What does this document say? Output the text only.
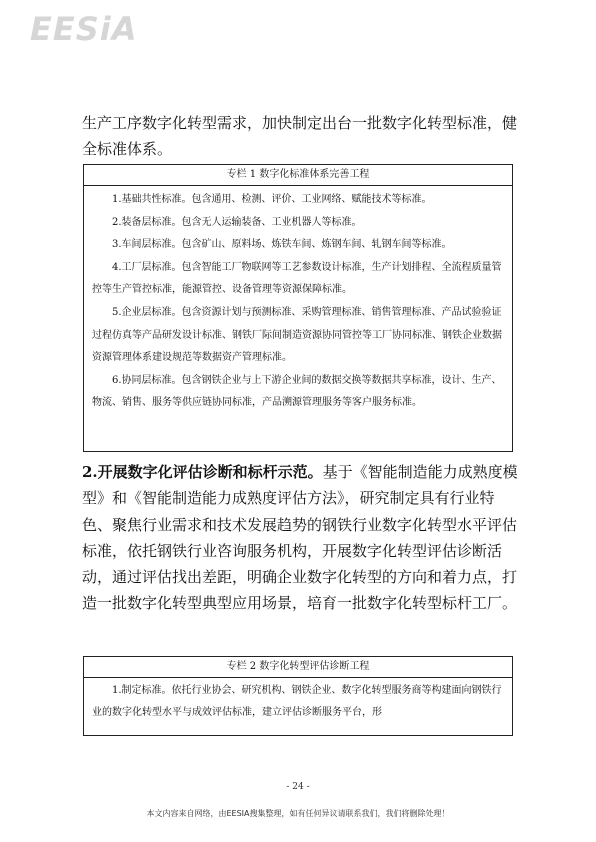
EESiA

生产工序数字化转型需求，加快制定出台一批数字化转型标准，健全标准体系。

专栏 1 数字化标准体系完善工程

1.基础共性标准。包含通用、检测、评价、工业网络、赋能技术等标准。

2.装备层标准。包含无人运输装备、工业机器人等标准。

3.车间层标准。包含矿山、原料场、炼铁车间、炼钢车间、轧钢车间等标准。

4.工厂层标准。包含智能工厂物联网等工艺参数设计标准，生产计划排程、全流程质量管控等生产管控标准，能源管控、设备管理等资源保障标准。

5.企业层标准。包含资源计划与预测标准、采购管理标准、销售管理标准、产品试验验证过程仿真等产品研发设计标准、钢铁厂际间制造资源协同管控等工厂协同标准、钢铁企业数据资源管理体系建设规范等数据资产管理标准。

6.协同层标准。包含钢铁企业与上下游企业间的数据交换等数据共享标准，设计、生产、物流、销售、服务等供应链协同标准，产品溯源管理服务等客户服务标准。

2.开展数字化评估诊断和标杆示范。基于《智能制造能力成熟度模型》和《智能制造能力成熟度评估方法》，研究制定具有行业特色、聚焦行业需求和技术发展趋势的钢铁行业数字化转型水平评估标准，依托钢铁行业咨询服务机构，开展数字化转型评估诊断活动，通过评估找出差距，明确企业数字化转型的方向和着力点，打造一批数字化转型典型应用场景，培育一批数字化转型标杆工厂。

专栏 2 数字化转型评估诊断工程

1.制定标准。依托行业协会、研究机构、钢铁企业、数字化转型服务商等构建面向钢铁行业的数字化转型水平与成效评估标准，建立评估诊断服务平台，形

- 24 -
本文内容来自网络，由EESIA搜集整理，如有任何异议请联系我们，我们将删除处理！
